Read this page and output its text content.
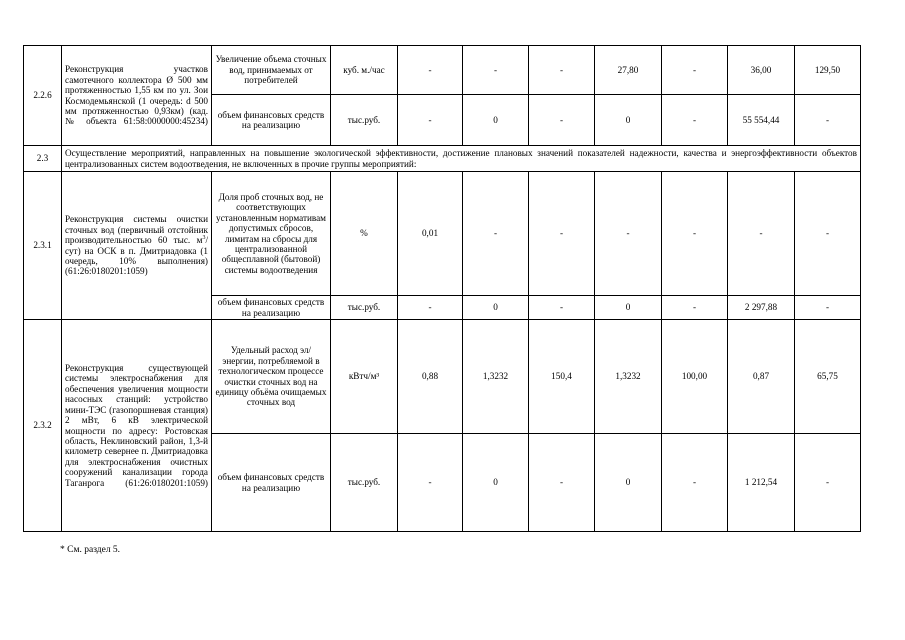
2.2.6	Реконструкция участков самотечного коллектора Ø 500 мм протяженностью 1,55 км по ул. Зои Космодемьянской (1 очередь: d 500 мм протяженностью 0,93км) (кад. № объекта 61:58:0000000:45234)	Увеличение объема сточных вод, принимаемых от потребителей	куб. м./час	-	-	-	27,80	-	36,00	129,50
		объем финансовых средств на реализацию	тыс.руб.	-	0	-	0	-	55 554,44	-
2.3	Осуществление мероприятий, направленных на повышение экологической эффективности, достижение плановых значений показателей надежности, качества и энергоэффективности объектов централизованных систем водоотведения, не включенных в прочие группы мероприятий:									

2.3.1	Реконструкция системы очистки сточных вод (первичный отстойник производительностью 60 тыс. $м^3/сут$) на ОСК в п. Дмитриадовка (1 очередь, 10% выполнения) (61:26:0180201:1059)	Доля проб сточных вод, не соответствующих установленным нормативам допустимых сбросов, лимитам на сбросы для централизованной общесплавной (бытовой) системы водоотведения	%	0,01	-	-	-	-	-	-
		объем финансовых средств на реализацию	тыс.руб.	-	0	-	0	-	2 297,88	-
2.3.2	Реконструкция существующей системы электроснабжения для обеспечения увеличения мощности насосных станций: устройство мини-ТЭС (газопоршневая станция) 2 мВт, 6 кВ электрической мощности по адресу: Ростовская область, Неклиновский район, 1,3-й километр севернее п. Дмитриадовка для электроснабжения очистных сооружений канализации города Таганрога (61:26:0180201:1059)	Удельный расход эл/энергии, потребляемой в технологическом процессе очистки сточных вод на единицу объёма очищаемых сточных вод	кВтч/м³	0,88	1,3232	150,4	1,3232	100,00	0,87	65,75
		объем финансовых средств на реализацию	тыс.руб.	-	0	-	0	-	1 212,54	-
* См. раздел 5.
